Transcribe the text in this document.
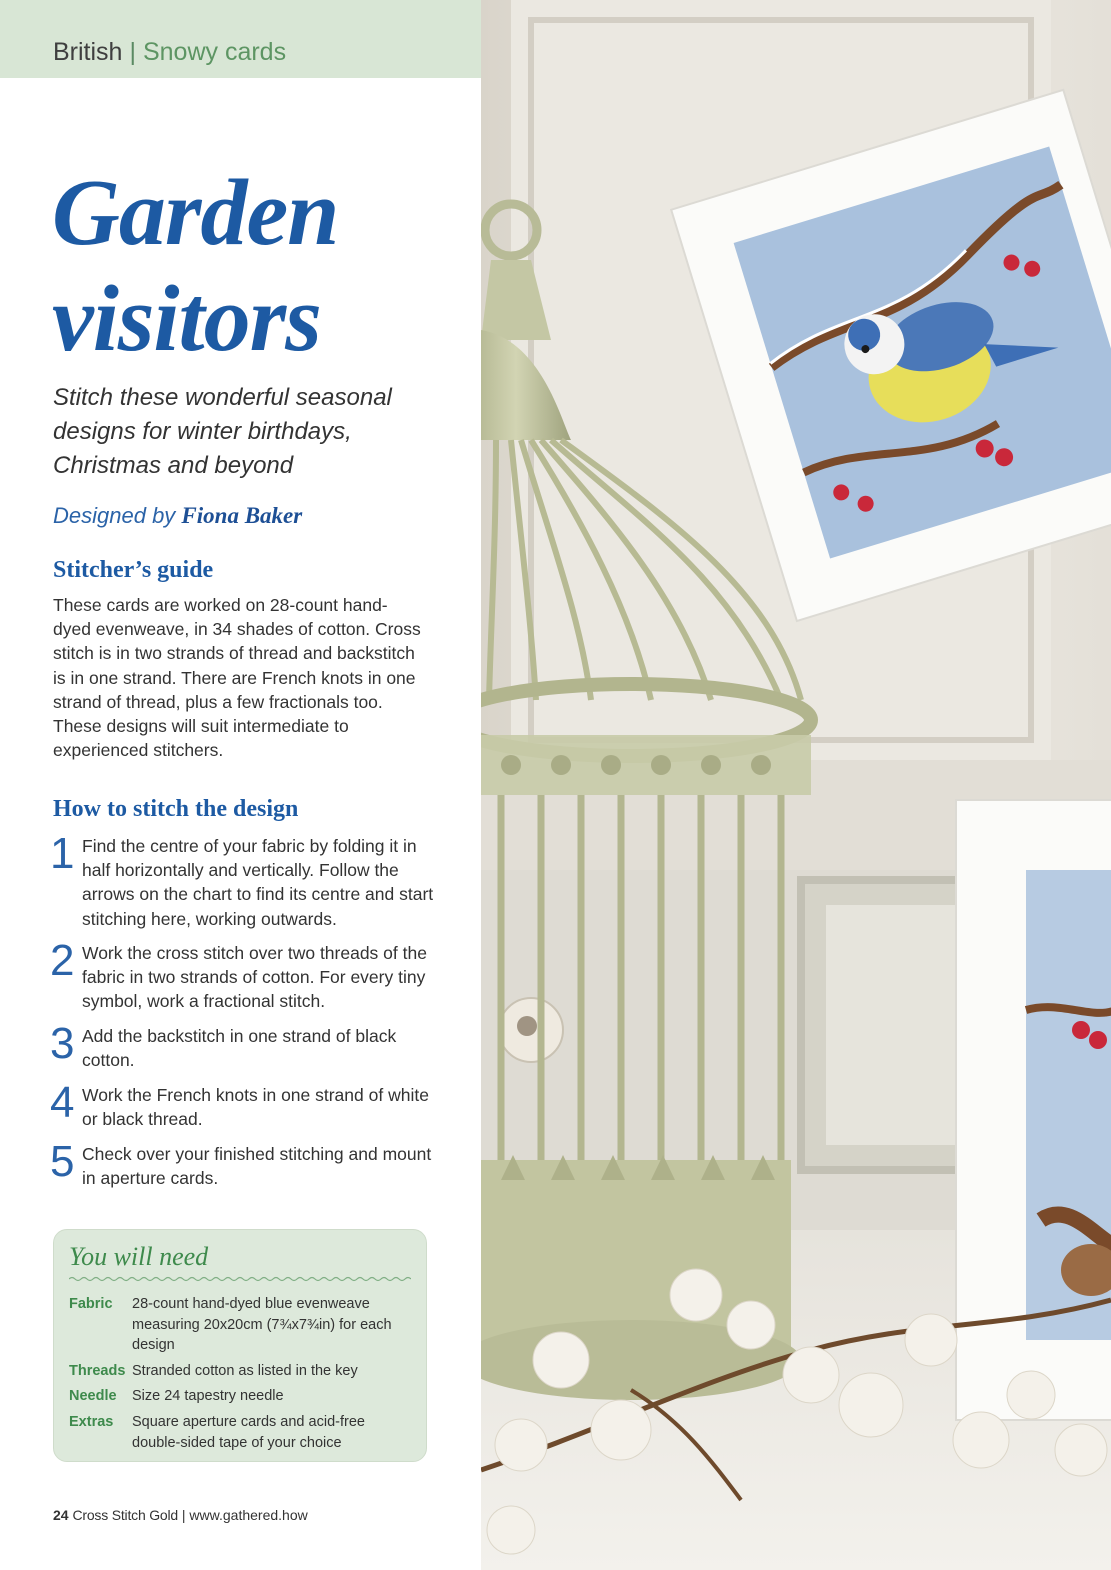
British | Snowy cards
Garden
visitors

Stitch these wonderful seasonal designs for winter birthdays, Christmas and beyond

Designed by Fiona Baker

Stitcher’s guide

These cards are worked on 28-count hand-dyed evenweave, in 34 shades of cotton. Cross stitch is in two strands of thread and backstitch is in one strand. There are French knots in one strand of thread, plus a few fractionals too. These designs will suit intermediate to experienced stitchers.

How to stitch the design
1 Find the centre of your fabric by folding it in half horizontally and vertically. Follow the arrows on the chart to find its centre and start stitching here, working outwards.
2 Work the cross stitch over two threads of the fabric in two strands of cotton. For every tiny symbol, work a fractional stitch.
3 Add the backstitch in one strand of black cotton.
4 Work the French knots in one strand of white or black thread.
5 Check over your finished stitching and mount in aperture cards.
You will need
Fabric 28-count hand-dyed blue evenweave measuring 20x20cm (7¾x7¾in) for each design
Threads Stranded cotton as listed in the key
Needle Size 24 tapestry needle
Extras Square aperture cards and acid-free double-sided tape of your choice
24 Cross Stitch Gold | www.gathered.how
